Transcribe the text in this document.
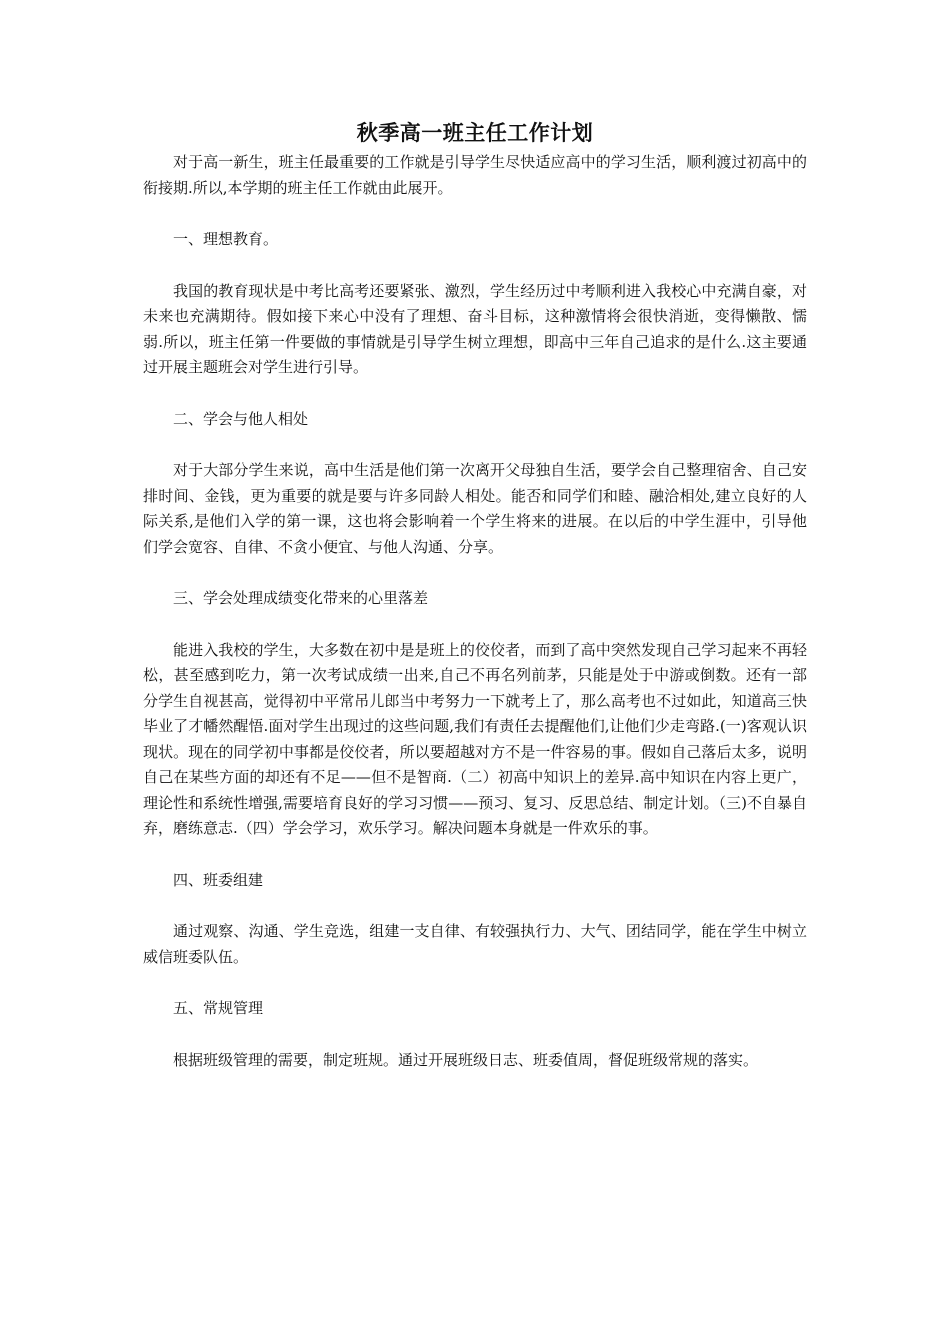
秋季高一班主任工作计划

对于高一新生，班主任最重要的工作就是引导学生尽快适应高中的学习生活，顺利渡过初高中的衔接期.所以,本学期的班主任工作就由此展开。

一、理想教育。

我国的教育现状是中考比高考还要紧张、激烈，学生经历过中考顺利进入我校心中充满自豪，对未来也充满期待。假如接下来心中没有了理想、奋斗目标，这种激情将会很快消逝，变得懒散、懦弱.所以，班主任第一件要做的事情就是引导学生树立理想，即高中三年自己追求的是什么.这主要通过开展主题班会对学生进行引导。

二、学会与他人相处

对于大部分学生来说，高中生活是他们第一次离开父母独自生活，要学会自己整理宿舍、自己安排时间、金钱，更为重要的就是要与许多同龄人相处。能否和同学们和睦、融洽相处,建立良好的人际关系,是他们入学的第一课，这也将会影响着一个学生将来的进展。在以后的中学生涯中，引导他们学会宽容、自律、不贪小便宜、与他人沟通、分享。

三、学会处理成绩变化带来的心里落差

能进入我校的学生，大多数在初中是是班上的佼佼者，而到了高中突然发现自己学习起来不再轻松，甚至感到吃力，第一次考试成绩一出来,自己不再名列前茅，只能是处于中游或倒数。还有一部分学生自视甚高，觉得初中平常吊儿郎当中考努力一下就考上了，那么高考也不过如此，知道高三快毕业了才幡然醒悟.面对学生出现过的这些问题,我们有责任去提醒他们,让他们少走弯路.(一)客观认识现状。现在的同学初中事都是佼佼者，所以要超越对方不是一件容易的事。假如自己落后太多，说明自己在某些方面的却还有不足——但不是智商.（二）初高中知识上的差异.高中知识在内容上更广，理论性和系统性增强,需要培育良好的学习习惯——预习、复习、反思总结、制定计划。（三)不自暴自弃，磨练意志.（四）学会学习，欢乐学习。解决问题本身就是一件欢乐的事。

四、班委组建

通过观察、沟通、学生竞选，组建一支自律、有较强执行力、大气、团结同学，能在学生中树立威信班委队伍。

五、常规管理

根据班级管理的需要，制定班规。通过开展班级日志、班委值周，督促班级常规的落实。
